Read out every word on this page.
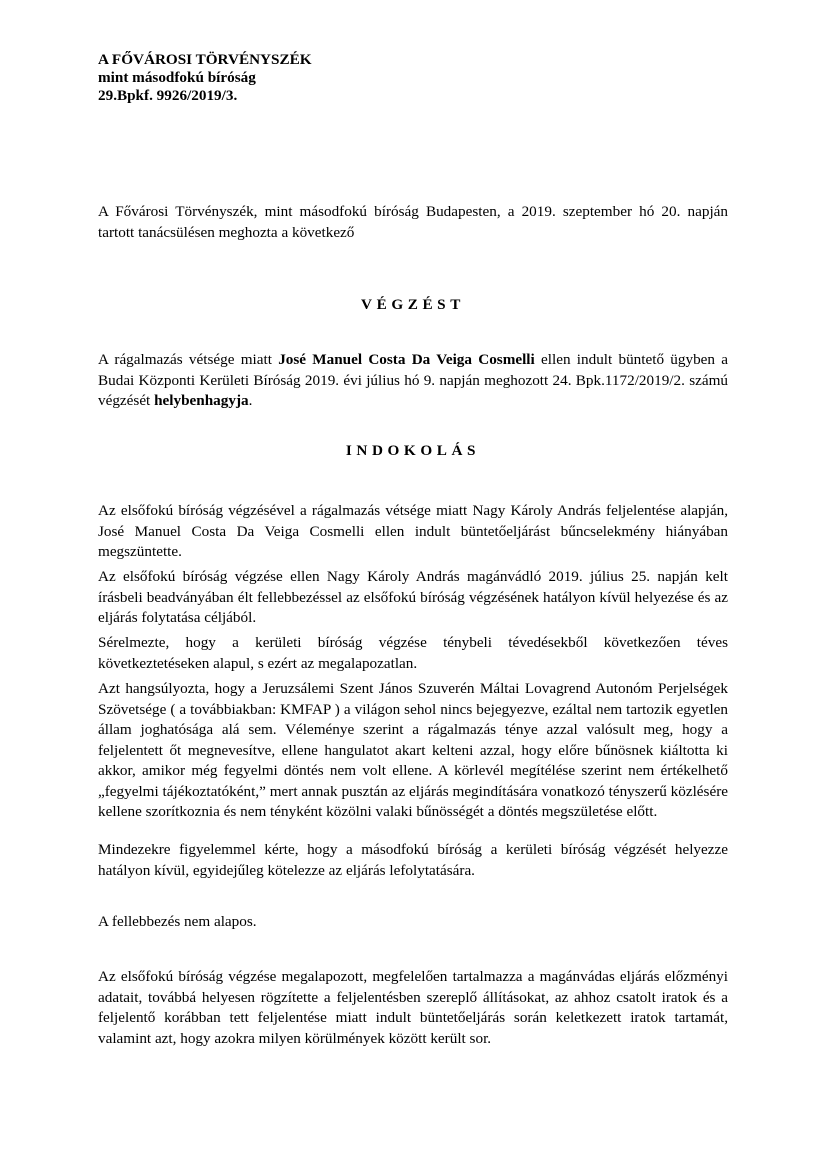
A FŐVÁROSI TÖRVÉNYSZÉK
mint másodfokú bíróság
29.Bpkf. 9926/2019/3.

A Fővárosi Törvényszék, mint másodfokú bíróság Budapesten, a 2019. szeptember hó 20. napján tartott tanácsülésen meghozta a következő

VÉGZÉST

A rágalmazás vétsége miatt José Manuel Costa Da Veiga Cosmelli ellen indult büntető ügyben a Budai Központi Kerületi Bíróság 2019. évi július hó 9. napján meghozott 24. Bpk.1172/2019/2. számú végzését helybenhagyja.

INDOKOLÁS

Az elsőfokú bíróság végzésével a rágalmazás vétsége miatt Nagy Károly András feljelentése alapján, José Manuel Costa Da Veiga Cosmelli ellen indult büntetőeljárást bűncselekmény hiányában megszüntette.

Az elsőfokú bíróság végzése ellen Nagy Károly András magánvádló 2019. július 25. napján kelt írásbeli beadványában élt fellebbezéssel az elsőfokú bíróság végzésének hatályon kívül helyezése és az eljárás folytatása céljából.

Sérelmezte, hogy a kerületi bíróság végzése ténybeli tévedésekből következően téves következtetéseken alapul, s ezért az megalapozatlan.

Azt hangsúlyozta, hogy a Jeruzsálemi Szent János Szuverén Máltai Lovagrend Autonóm Perjelségek Szövetsége ( a továbbiakban: KMFAP ) a világon sehol nincs bejegyezve, ezáltal nem tartozik egyetlen állam joghatósága alá sem. Véleménye szerint a rágalmazás ténye azzal valósult meg, hogy a feljelentett őt megnevesítve, ellene hangulatot akart kelteni azzal, hogy előre bűnösnek kiáltotta ki akkor, amikor még fegyelmi döntés nem volt ellene. A körlevél megítélése szerint nem értékelhető „fegyelmi tájékoztatóként,” mert annak pusztán az eljárás megindítására vonatkozó tényszerű közlésére kellene szorítkoznia és nem tényként közölni valaki bűnösségét a döntés megszületése előtt.

Mindezekre figyelemmel kérte, hogy a másodfokú bíróság a kerületi bíróság végzését helyezze hatályon kívül, egyidejűleg kötelezze az eljárás lefolytatására.

A fellebbezés nem alapos.

Az elsőfokú bíróság végzése megalapozott, megfelelően tartalmazza a magánvádas eljárás előzményi adatait, továbbá helyesen rögzítette a feljelentésben szereplő állításokat, az ahhoz csatolt iratok és a feljelentő korábban tett feljelentése miatt indult büntetőeljárás során keletkezett iratok tartamát, valamint azt, hogy azokra milyen körülmények között került sor.
